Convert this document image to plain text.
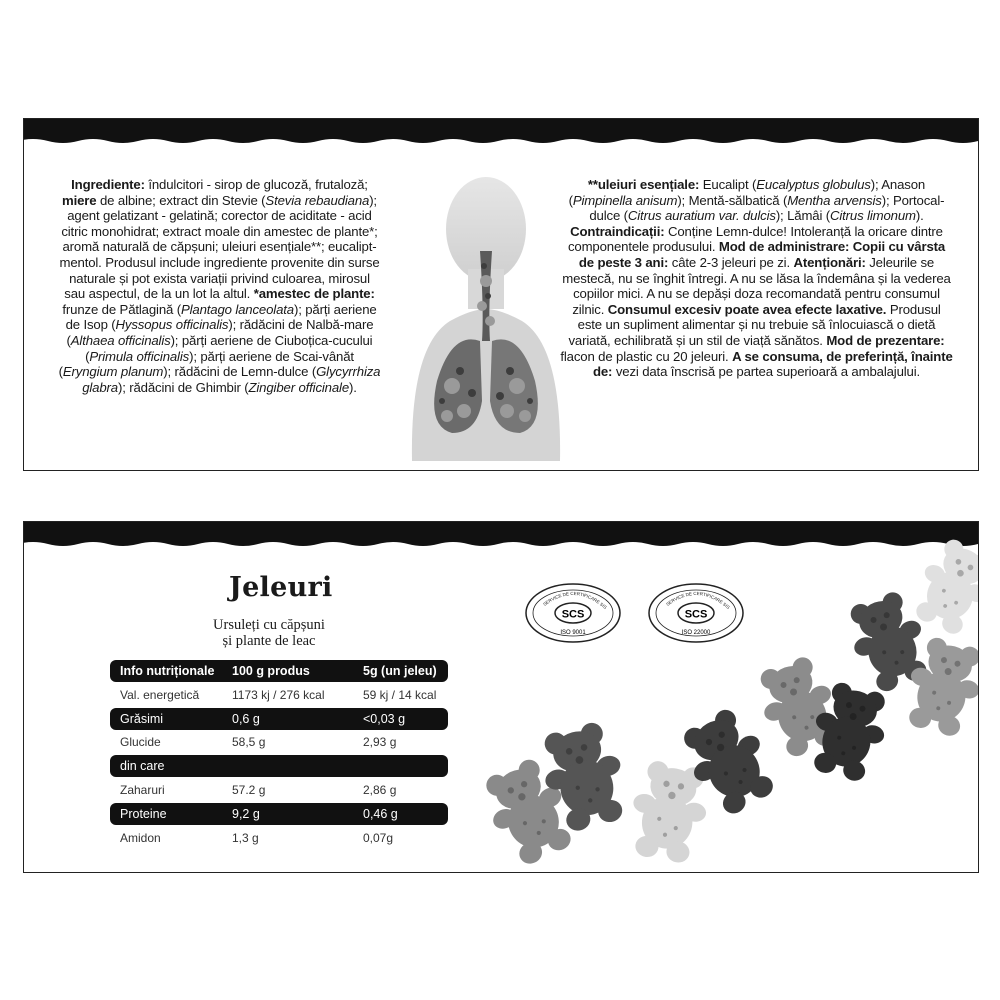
Ingrediente: îndulcitori - sirop de glucoză, frutaloză; miere de albine; extract din Stevie (Stevia rebaudiana); agent gelatizant - gelatină; corector de aciditate - acid citric monohidrat; extract moale din amestec de plante*; aromă naturală de căpșuni; uleiuri esențiale**; eucalipt-mentol. Produsul include ingrediente provenite din surse naturale și pot exista variații privind culoarea, mirosul sau aspectul, de la un lot la altul. *amestec de plante: frunze de Pătlagină (Plantago lanceolata); părți aeriene de Isop (Hyssopus officinalis); rădăcini de Nalbă-mare (Althaea officinalis); părți aeriene de Ciuboțica-cucului (Primula officinalis); părți aeriene de Scai-vânăt (Eryngium planum); rădăcini de Lemn-dulce (Glycyrrhiza glabra); rădăcini de Ghimbir (Zingiber officinale).
**uleiuri esențiale: Eucalipt (Eucalyptus globulus); Anason (Pimpinella anisum); Mentă-sălbatică (Mentha arvensis); Portocal-dulce (Citrus auratium var. dulcis); Lămâi (Citrus limonum). Contraindicații: Conține Lemn-dulce! Intoleranță la oricare dintre componentele produsului. Mod de administrare: Copii cu vârsta de peste 3 ani: câte 2-3 jeleuri pe zi. Atenționări: Jeleurile se mestecă, nu se înghit întregi. A nu se lăsa la îndemâna și la vederea copiilor mici. A nu se depăși doza recomandată pentru consumul zilnic. Consumul excesiv poate avea efecte laxative. Produsul este un supliment alimentar și nu trebuie să înlocuiască o dietă variată, echilibrată și un stil de viață sănătos. Mod de prezentare: flacon de plastic cu 20 jeleuri. A se consuma, de preferință, înainte de: vezi data înscrisă pe partea superioară a ambalajului.
Jeleuri
Ursuleți cu căpșuni
și plante de leac
Info nutriționale 100 g produs	5g (un jeleu)
Val. energetică	1173 kj / 276 kcal	59 kj / 14 kcal
Grăsimi	0,6 g	<0,03 g
Glucide	58,5 g	2,93 g
din care
Zaharuri	57.2 g	2,86 g
Proteine	9,2 g	0,46 g
Amidon	1,3 g	0,07g
SERVICE DE CERTIFICARE SIS
SCS
ISO 9001
SERVICE DE CERTIFICARE SIS
SCS
ISO 22000
